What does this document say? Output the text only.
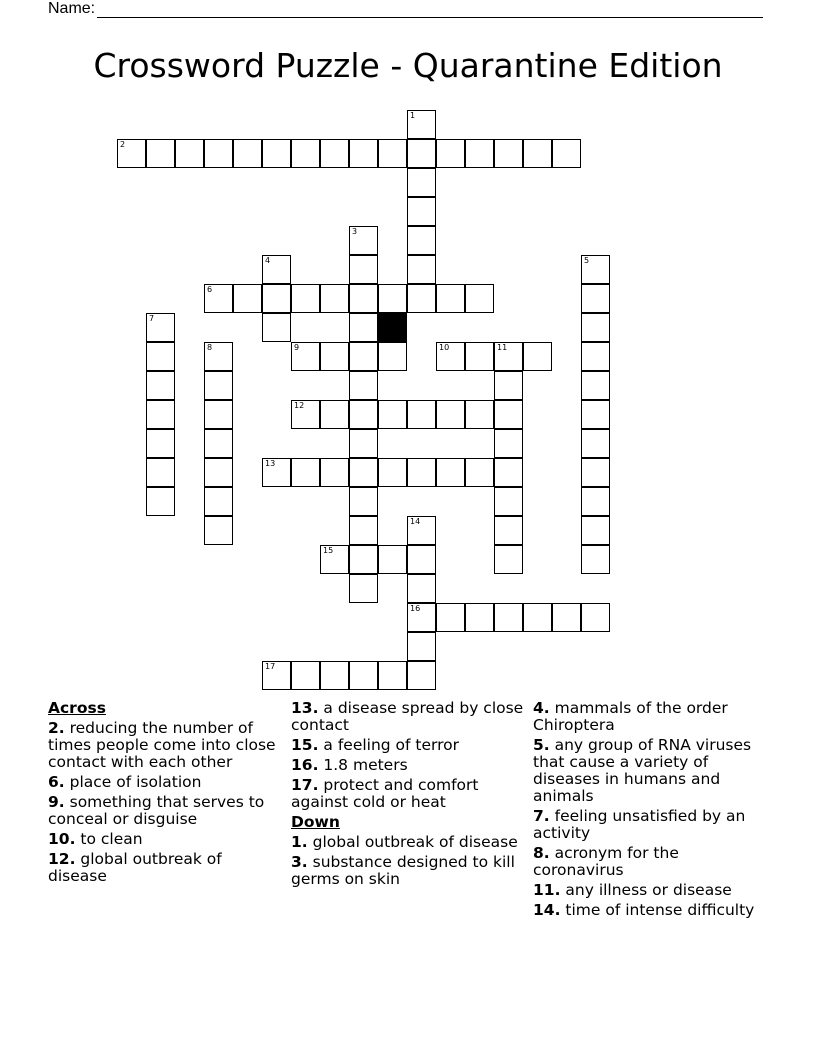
Name:
Crossword Puzzle - Quarantine Edition
2
6
9	10	11
12
13
15
16
17
1
3
4	5
7
8
14
Across
2. reducing the number of times people come into close contact with each other
6. place of isolation
9. something that serves to conceal or disguise
10. to clean
12. global outbreak of disease
13. a disease spread by close contact
15. a feeling of terror
16. 1.8 meters
17. protect and comfort against cold or heat
Down
1. global outbreak of disease
3. substance designed to kill germs on skin
4. mammals of the order Chiroptera
5. any group of RNA viruses that cause a variety of diseases in humans and animals
7. feeling unsatisfied by an activity
8. acronym for the coronavirus
11. any illness or disease
14. time of intense difficulty
